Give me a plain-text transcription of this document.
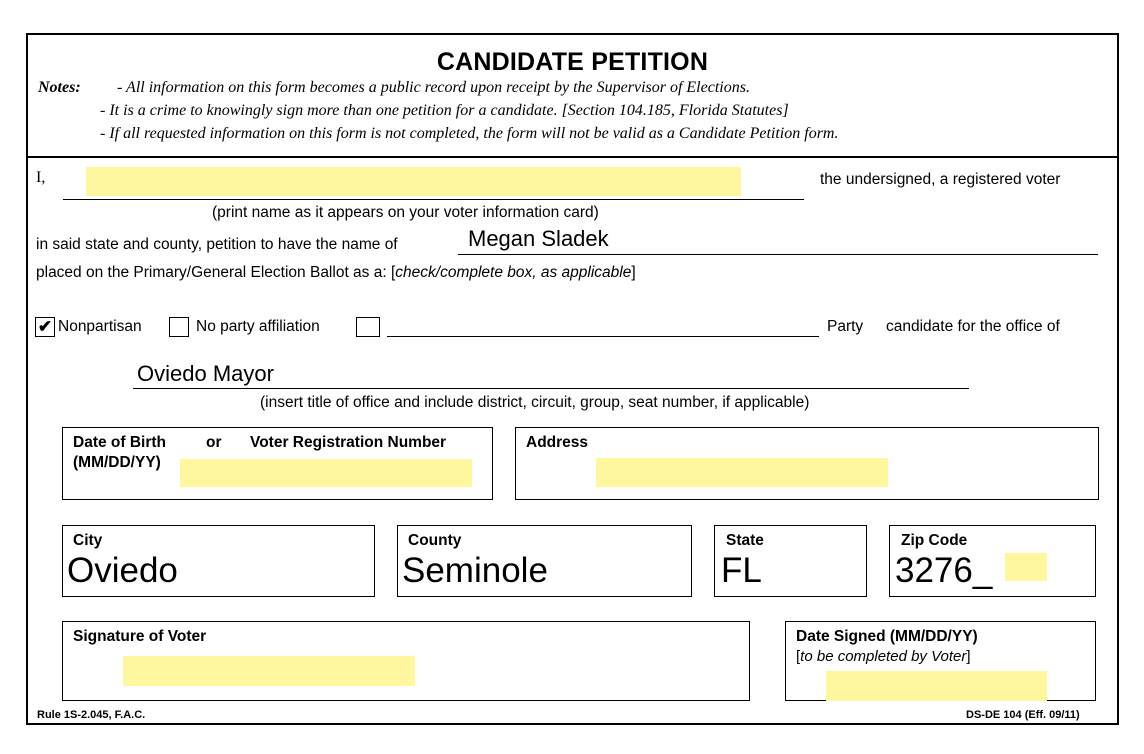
CANDIDATE PETITION
Notes: - All information on this form becomes a public record upon receipt by the Supervisor of Elections.
- It is a crime to knowingly sign more than one petition for a candidate. [Section 104.185, Florida Statutes]
- If all requested information on this form is not completed, the form will not be valid as a Candidate Petition form.
I,	the undersigned, a registered voter
(print name as it appears on your voter information card)
in said state and county, petition to have the name of	Megan Sladek
placed on the Primary/General Election Ballot as a: [check/complete box, as applicable]
✔ Nonpartisan	No party affiliation	Party candidate for the office of
Oviedo Mayor
(insert title of office and include district, circuit, group, seat number, if applicable)
Date of Birth	or Voter Registration Number
(MM/DD/YY)
Address
City
Oviedo
County
Seminole
State
FL
Zip Code
3276_
Signature of Voter	Date Signed (MM/DD/YY)
[to be completed by Voter]
Rule 1S-2.045, F.A.C.	DS-DE 104 (Eff. 09/11)
